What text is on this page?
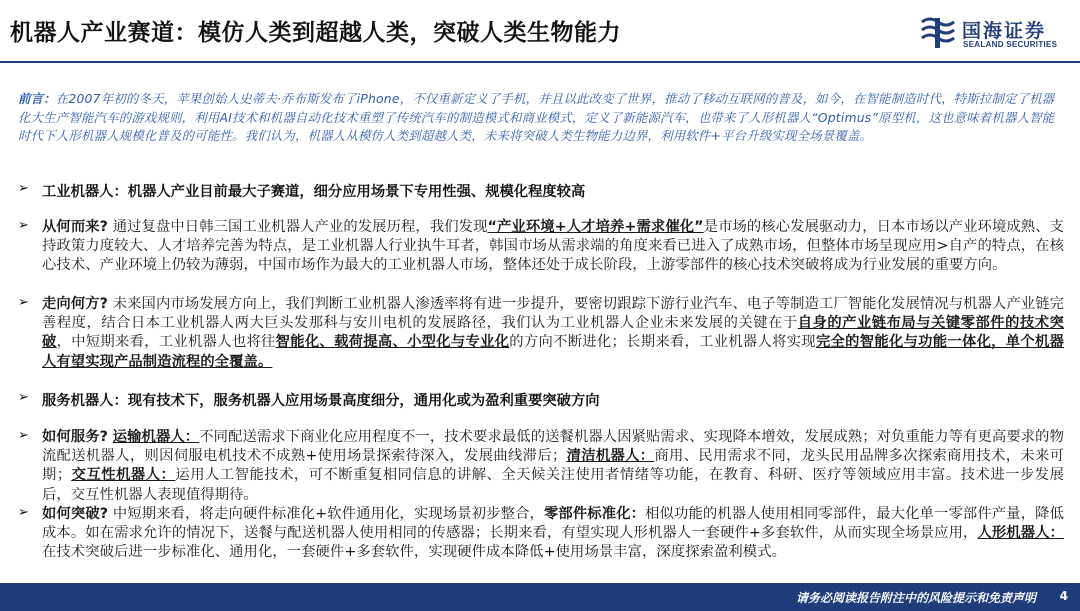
机器人产业赛道：模仿人类到超越人类，突破人类生物能力	国海证券
SEALAND SECURITIES
前言：在2007年初的冬天，苹果创始人史蒂夫·乔布斯发布了iPhone，不仅重新定义了手机，并且以此改变了世界，推动了移动互联网的普及，如今，在智能制造时代，特斯拉制定了机器化大生产智能汽车的游戏规则，利用AI技术和机器自动化技术重塑了传统汽车的制造模式和商业模式，定义了新能源汽车，也带来了人形机器人“Optimus”原型机，这也意味着机器人智能时代下人形机器人规模化普及的可能性。我们认为，机器人从模仿人类到超越人类，未来将突破人类生物能力边界，利用软件+平台升级实现全场景覆盖。
➢ 工业机器人：机器人产业目前最大子赛道，细分应用场景下专用性强、规模化程度较高
➢ 从何而来? 通过复盘中日韩三国工业机器人产业的发展历程，我们发现“产业环境+人才培养+需求催化”是市场的核心发展驱动力，日本市场以产业环境成熟、支持政策力度较大、人才培养完善为特点，是工业机器人行业执牛耳者，韩国市场从需求端的角度来看已进入了成熟市场，但整体市场呈现应用>自产的特点，在核心技术、产业环境上仍较为薄弱，中国市场作为最大的工业机器人市场，整体还处于成长阶段，上游零部件的核心技术突破将成为行业发展的重要方向。
➢ 走向何方? 未来国内市场发展方向上，我们判断工业机器人渗透率将有进一步提升，要密切跟踪下游行业汽车、电子等制造工厂智能化发展情况与机器人产业链完善程度，结合日本工业机器人两大巨头发那科与安川电机的发展路径，我们认为工业机器人企业未来发展的关键在于自身的产业链布局与关键零部件的技术突破，中短期来看，工业机器人也将往智能化、载荷提高、小型化与专业化的方向不断进化；长期来看，工业机器人将实现完全的智能化与功能一体化，单个机器人有望实现产品制造流程的全覆盖。
➢ 服务机器人：现有技术下，服务机器人应用场景高度细分，通用化或为盈利重要突破方向
➢ 如何服务? 运输机器人：不同配送需求下商业化应用程度不一，技术要求最低的送餐机器人因紧贴需求、实现降本增效，发展成熟；对负重能力等有更高要求的物流配送机器人，则因伺服电机技术不成熟+使用场景探索待深入，发展曲线滞后；清洁机器人：商用、民用需求不同，龙头民用品牌多次探索商用技术，未来可期；交互性机器人：运用人工智能技术，可不断重复相同信息的讲解、全天候关注使用者情绪等功能，在教育、科研、医疗等领域应用丰富。技术进一步发展后，交互性机器人表现值得期待。
➢ 如何突破? 中短期来看，将走向硬件标准化+软件通用化，实现场景初步整合，零部件标准化：相似功能的机器人使用相同零部件，最大化单一零部件产量，降低成本。如在需求允许的情况下，送餐与配送机器人使用相同的传感器；长期来看，有望实现人形机器人一套硬件+多套软件，从而实现全场景应用，人形机器人：在技术突破后进一步标准化、通用化，一套硬件+多套软件，实现硬件成本降低+使用场景丰富，深度探索盈利模式。
请务必阅读报告附注中的风险提示和免责声明 4
